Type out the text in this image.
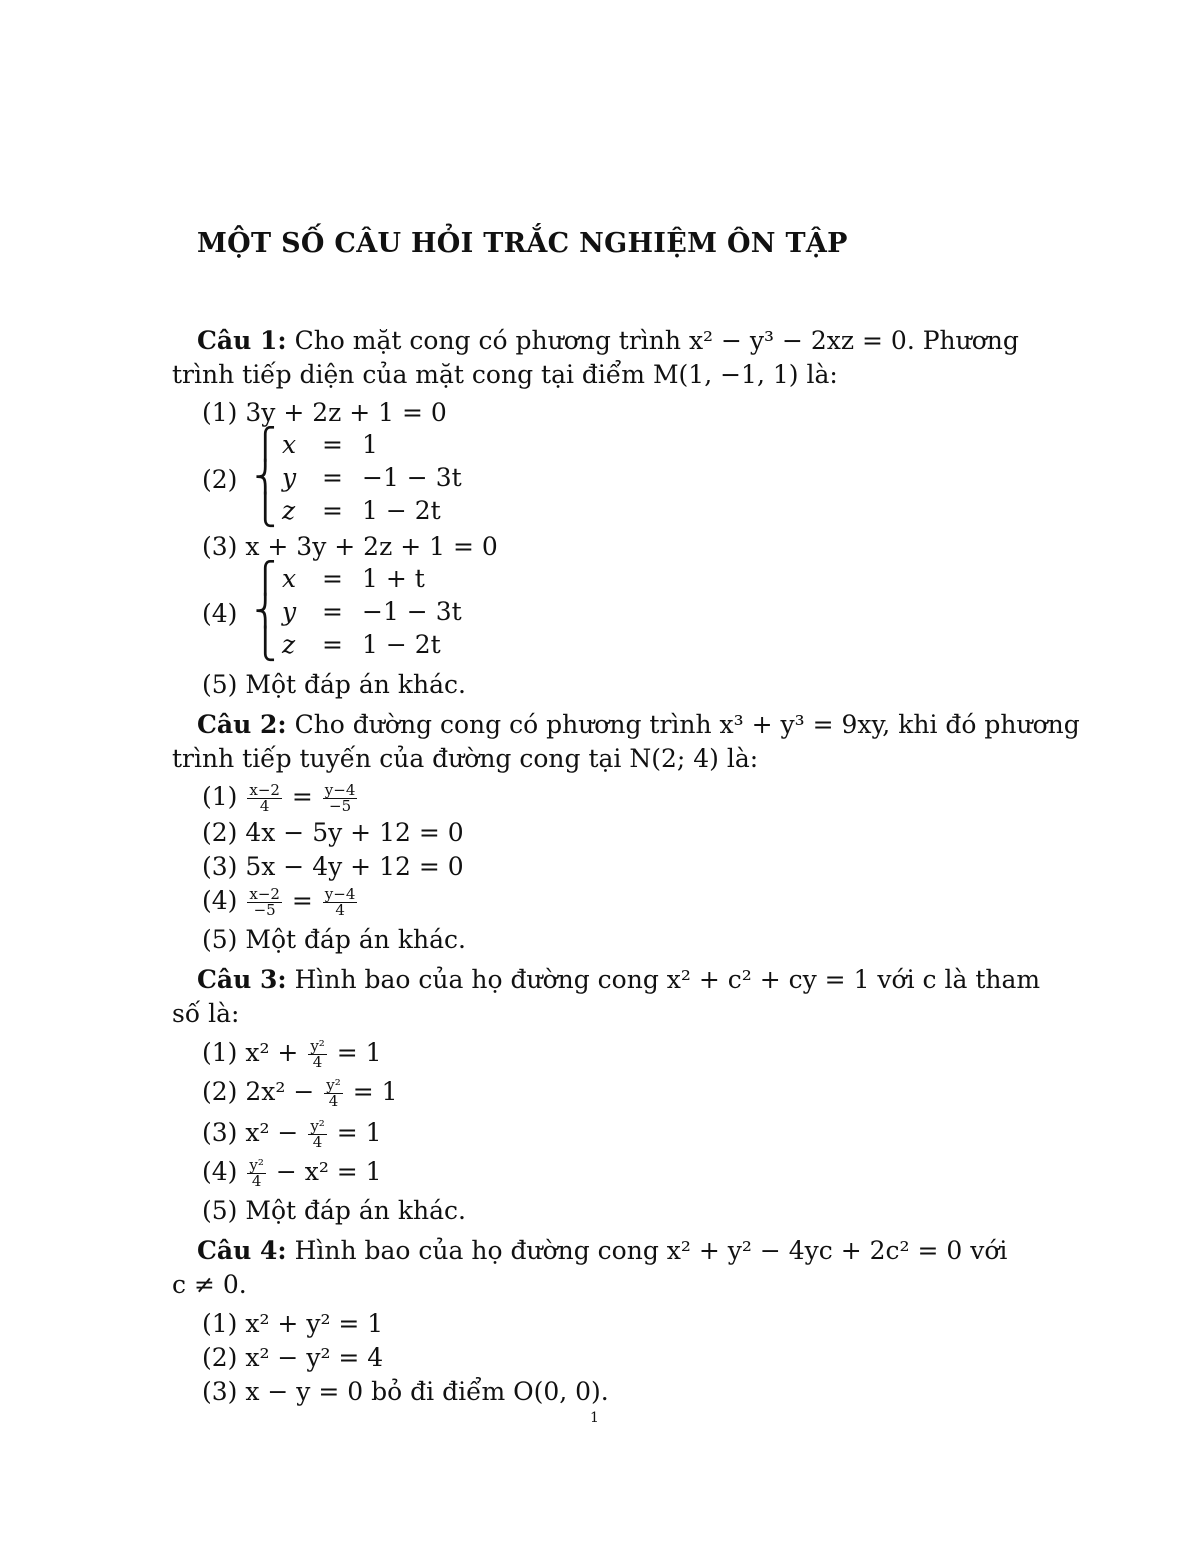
MỘT SỐ CÂU HỎI TRẮC NGHIỆM ÔN TẬP
Câu 1: Cho mặt cong có phương trình x² − y³ − 2xz = 0. Phương
trình tiếp diện của mặt cong tại điểm M(1, −1, 1) là:
(1) 3y + 2z + 1 = 0
(2)
⎧
⎨
⎩
x = 1
y = −1 − 3t
z = 1 − 2t
(3) x + 3y + 2z + 1 = 0
(4)
⎧
⎨
⎩
x = 1 + t
y = −1 − 3t
z = 1 − 2t
(5) Một đáp án khác.
Câu 2: Cho đường cong có phương trình x³ + y³ = 9xy, khi đó phương
trình tiếp tuyến của đường cong tại N(2; 4) là:
$(1) \frac{x-2}{4} = \frac{y-4}{-5}$
(2) 4x − 5y + 12 = 0
(3) 5x − 4y + 12 = 0
$(4) \frac{x-2}{-5} = \frac{y-4}{4}$
(5) Một đáp án khác.
Câu 3: Hình bao của họ đường cong x² + c² + cy = 1 với c là tham
số là:
(1) $x^2 + \frac{\text{y²}}{4} = 1$
(2) $2x^2 - \frac{\text{y²}}{4} = 1$
(3) $x^2 - \frac{\text{y²}}{4} = 1$
$(4) \frac{\text{y²}}{4} - x^2 = 1$
(5) Một đáp án khác.
Câu 4: Hình bao của họ đường cong x² + y² − 4yc + 2c² = 0 với
c ≠ 0.
(1) x² + y² = 1
(2) x² − y² = 4
(3) x − y = 0 bỏ đi điểm O(0, 0).
1
